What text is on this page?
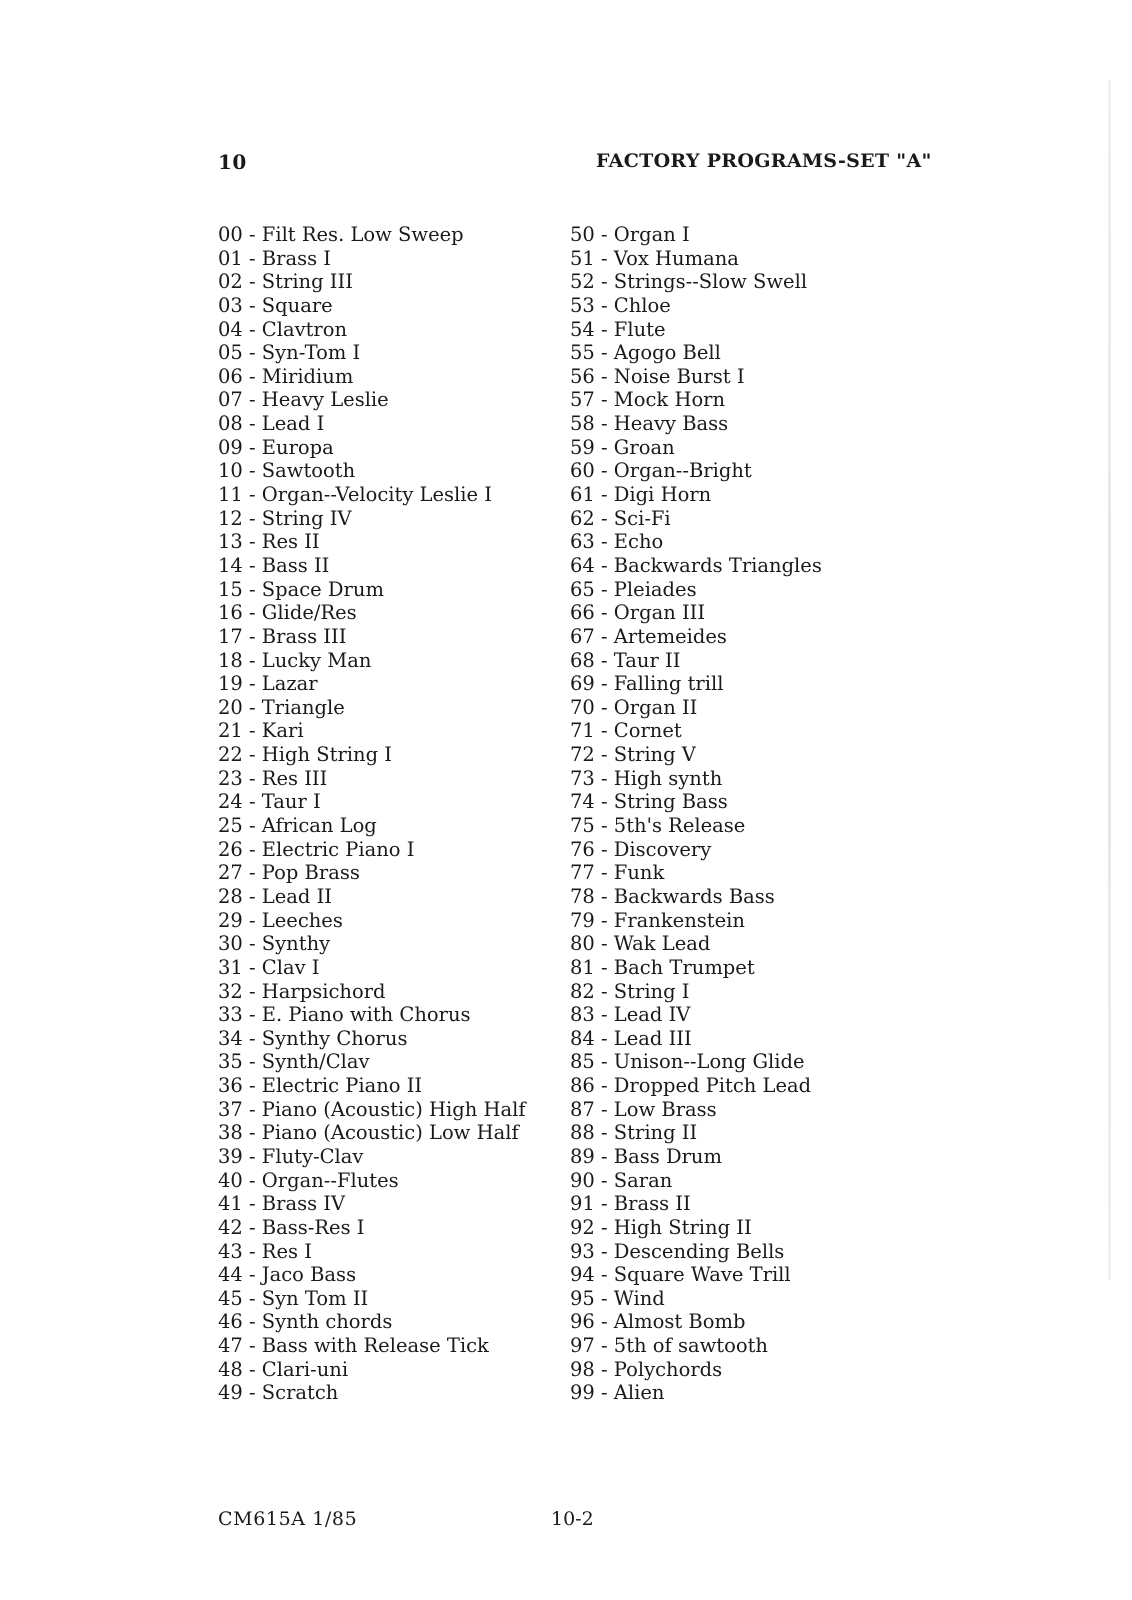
10	FACTORY PROGRAMS-SET "A"
00 - Filt Res. Low Sweep
01 - Brass I
02 - String III
03 - Square
04 - Clavtron
05 - Syn-Tom I
06 - Miridium
07 - Heavy Leslie
08 - Lead I
09 - Europa
10 - Sawtooth
11 - Organ--Velocity Leslie I
12 - String IV
13 - Res II
14 - Bass II
15 - Space Drum
16 - Glide/Res
17 - Brass III
18 - Lucky Man
19 - Lazar
20 - Triangle
21 - Kari
22 - High String I
23 - Res III
24 - Taur I
25 - African Log
26 - Electric Piano I
27 - Pop Brass
28 - Lead II
29 - Leeches
30 - Synthy
31 - Clav I
32 - Harpsichord
33 - E. Piano with Chorus
34 - Synthy Chorus
35 - Synth/Clav
36 - Electric Piano II
37 - Piano (Acoustic) High Half
38 - Piano (Acoustic) Low Half
39 - Fluty-Clav
40 - Organ--Flutes
41 - Brass IV
42 - Bass-Res I
43 - Res I
44 - Jaco Bass
45 - Syn Tom II
46 - Synth chords
47 - Bass with Release Tick
48 - Clari-uni
49 - Scratch
50 - Organ I
51 - Vox Humana
52 - Strings--Slow Swell
53 - Chloe
54 - Flute
55 - Agogo Bell
56 - Noise Burst I
57 - Mock Horn
58 - Heavy Bass
59 - Groan
60 - Organ--Bright
61 - Digi Horn
62 - Sci-Fi
63 - Echo
64 - Backwards Triangles
65 - Pleiades
66 - Organ III
67 - Artemeides
68 - Taur II
69 - Falling trill
70 - Organ II
71 - Cornet
72 - String V
73 - High synth
74 - String Bass
75 - 5th's Release
76 - Discovery
77 - Funk
78 - Backwards Bass
79 - Frankenstein
80 - Wak Lead
81 - Bach Trumpet
82 - String I
83 - Lead IV
84 - Lead III
85 - Unison--Long Glide
86 - Dropped Pitch Lead
87 - Low Brass
88 - String II
89 - Bass Drum
90 - Saran
91 - Brass II
92 - High String II
93 - Descending Bells
94 - Square Wave Trill
95 - Wind
96 - Almost Bomb
97 - 5th of sawtooth
98 - Polychords
99 - Alien
CM615A 1/85	10-2
